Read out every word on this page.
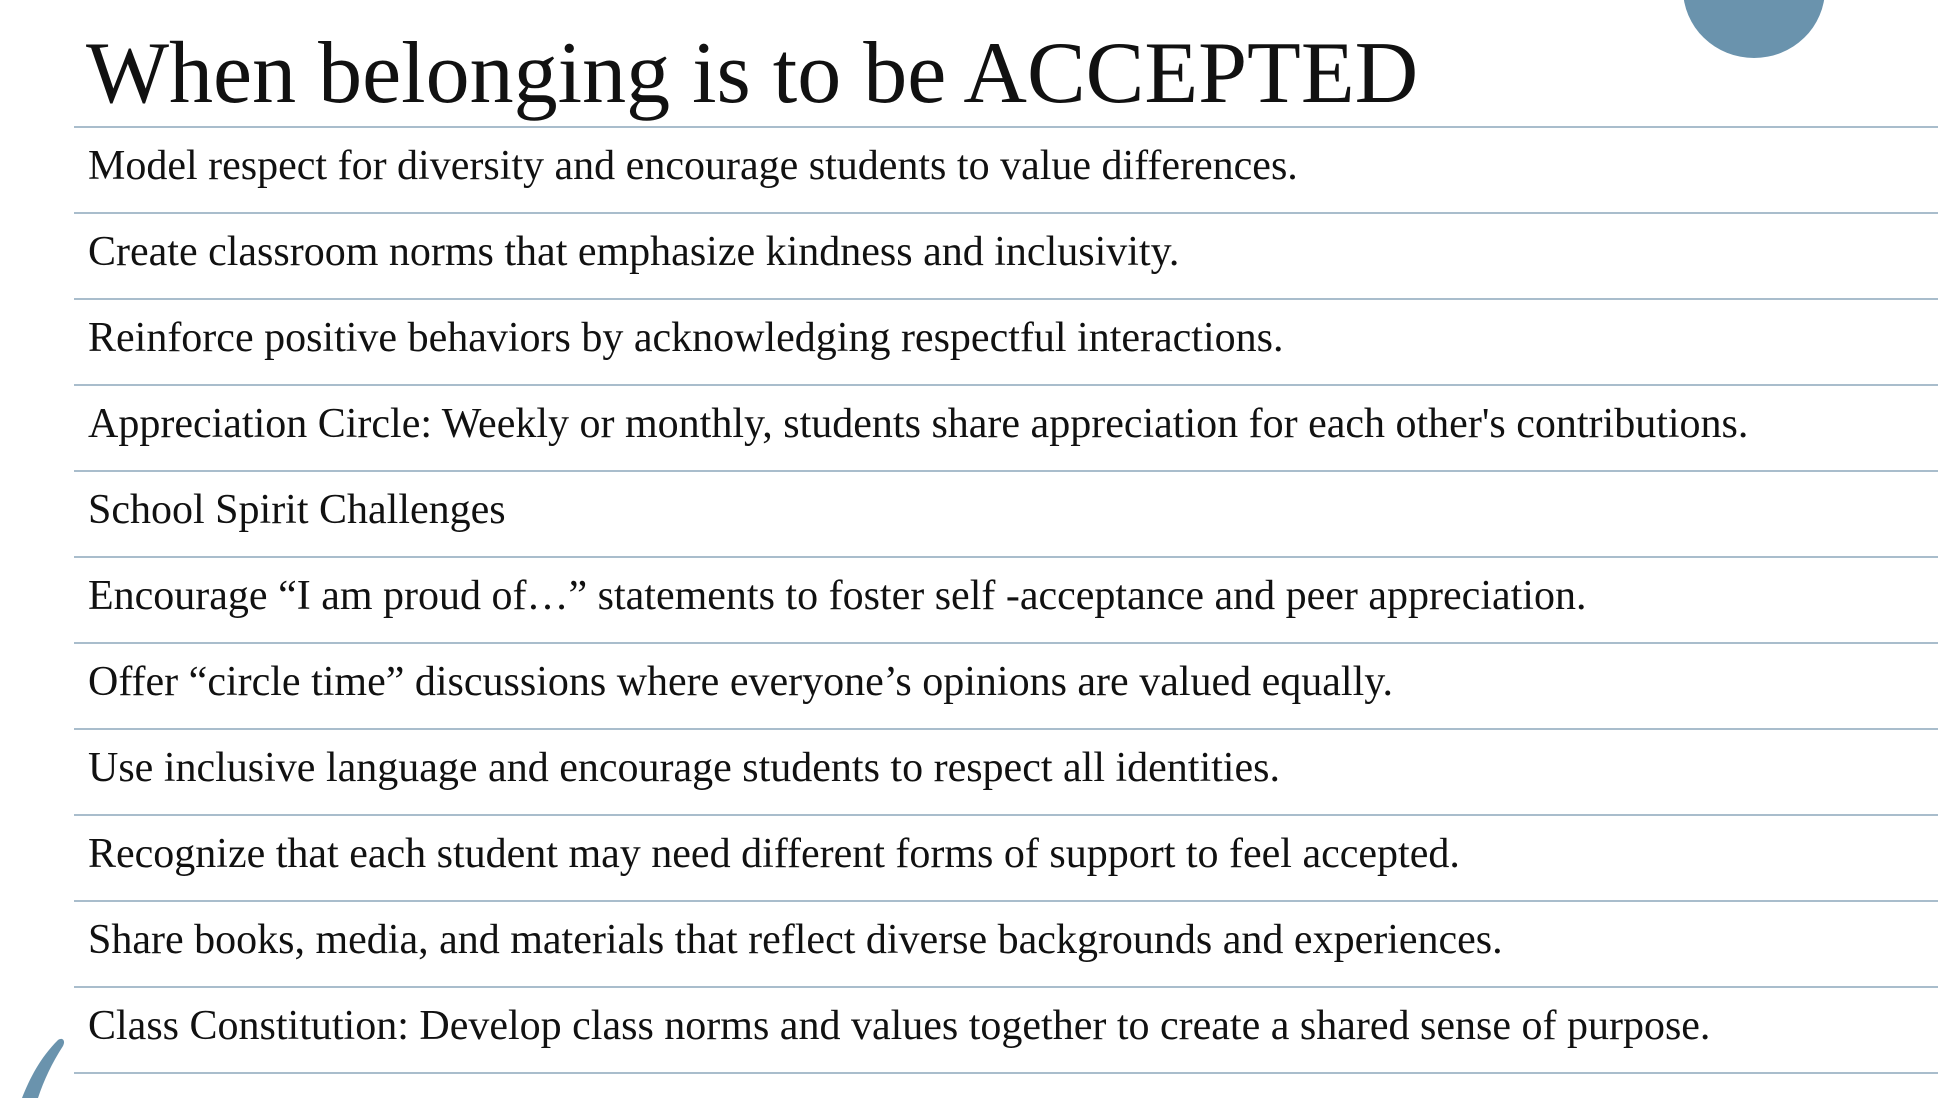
When belonging is to be ACCEPTED
Model respect for diversity and encourage students to value differences.
Create classroom norms that emphasize kindness and inclusivity.
Reinforce positive behaviors by acknowledging respectful interactions.
Appreciation Circle: Weekly or monthly, students share appreciation for each other's contributions.
School Spirit Challenges
Encourage “I am proud of…” statements to foster self -acceptance and peer appreciation.
Offer “circle time” discussions where everyone’s opinions are valued equally.
Use inclusive language and encourage students to respect all identities.
Recognize that each student may need different forms of support to feel accepted.
Share books, media, and materials that reflect diverse backgrounds and experiences.
Class Constitution: Develop class norms and values together to create a shared sense of purpose.
